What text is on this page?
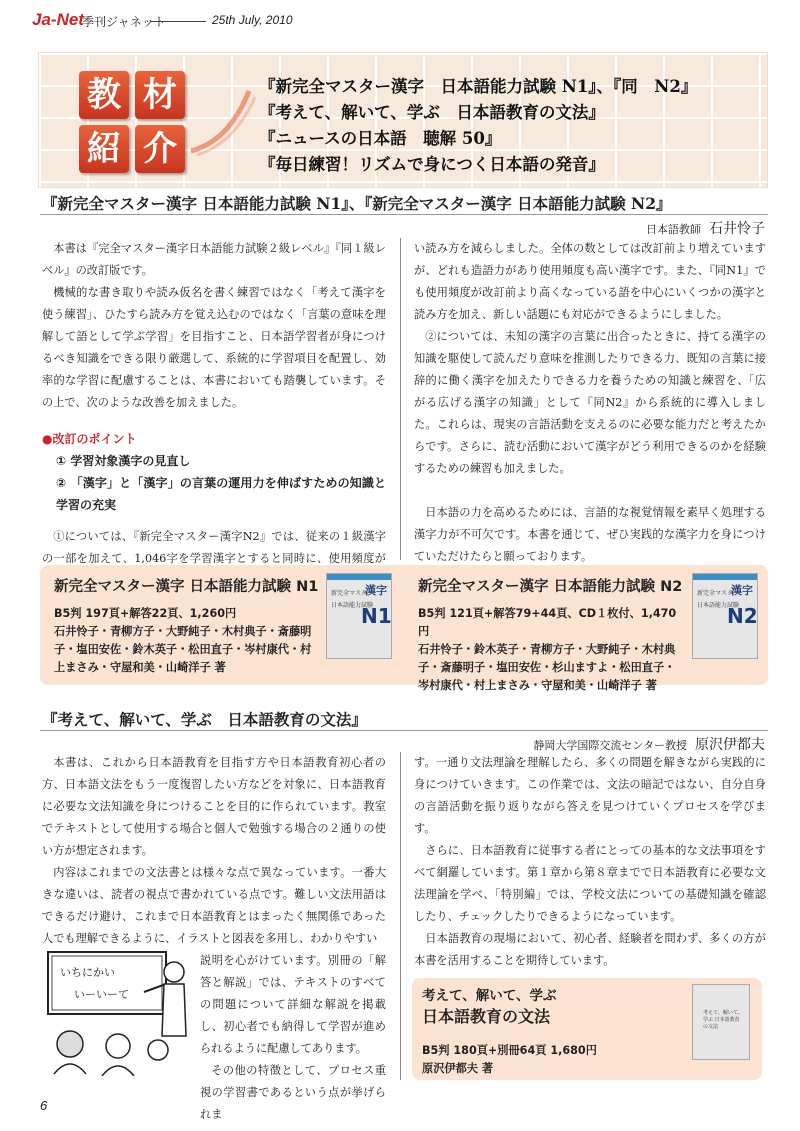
Ja-Net
季刊ジャネット	25th July, 2010
教 材
紹 介
『新完全マスター漢字　日本語能力試験 N1』、『同　N2』
『考えて、解いて、学ぶ　日本語教育の文法』
『ニュースの日本語　聴解 50』
『毎日練習！リズムで身につく日本語の発音』
『新完全マスター漢字 日本語能力試験 N1』、『新完全マスター漢字 日本語能力試験 N2』
日本語教師 石井怜子

本書は『完全マスター漢字日本語能力試験２級レベル』『同１級レベル』の改訂版です。

機械的な書き取りや読み仮名を書く練習ではなく「考えて漢字を使う練習」、ひたすら読み方を覚え込むのではなく「言葉の意味を理解して語として学ぶ学習」を目指すこと、日本語学習者が身につけるべき知識をできる限り厳選して、系統的に学習項目を配置し、効率的な学習に配慮することは、本書においても踏襲しています。その上で、次のような改善を加えました。

●改訂のポイント
① 学習対象漢字の見直し
② 「漢字」と「漢字」の言葉の運用力を伸ばすための知識と学習の充実

①については、『新完全マスター漢字N2』では、従来の１級漢字の一部を加えて、1,046字を学習漢字とすると同時に、使用頻度が

い読み方を減らしました。全体の数としては改訂前より増えていますが、どれも造語力があり使用頻度も高い漢字です。また、『同N1』でも使用頻度が改訂前より高くなっている語を中心にいくつかの漢字と読み方を加え、新しい話題にも対応ができるようにしました。

②については、未知の漢字の言葉に出合ったときに、持てる漢字の知識を駆使して読んだり意味を推測したりできる力、既知の言葉に接辞的に働く漢字を加えたりできる力を養うための知識と練習を、「広がる広げる漢字の知識」として『同N2』から系統的に導入しました。これらは、現実の言語活動を支えるのに必要な能力だと考えたからです。さらに、読む活動において漢字がどう利用できるのかを経験するための練習も加えました。

日本語の力を高めるためには、言語的な視覚情報を素早く処理する漢字力が不可欠です。本書を通じて、ぜひ実践的な漢字力を身につけていただけたらと願っております。

新完全マスター漢字 日本語能力試験 N1
B5判 197頁+解答22頁、1,260円
石井怜子・青柳方子・大野純子・木村典子・斎藤明子・塩田安佐・鈴木英子・松田直子・岑村康代・村上まさみ・守屋和美・山崎洋子 著
新完全マスター
漢字
日本語能力試験
N1
新完全マスター漢字 日本語能力試験 N2
B5判 121頁+解答79+44頁、CD１枚付、1,470円
石井怜子・鈴木英子・青柳方子・大野純子・木村典子・斎藤明子・塩田安佐・杉山ますよ・松田直子・岑村康代・村上まさみ・守屋和美・山崎洋子 著
新完全マスター
漢字
日本語能力試験
N2
『考えて、解いて、学ぶ　日本語教育の文法』
静岡大学国際交流センター教授 原沢伊都夫

本書は、これから日本語教育を目指す方や日本語教育初心者の方、日本語文法をもう一度復習したい方などを対象に、日本語教育に必要な文法知識を身につけることを目的に作られています。教室でテキストとして使用する場合と個人で勉強する場合の２通りの使い方が想定されます。

内容はこれまでの文法書とは様々な点で異なっています。一番大きな違いは、読者の視点で書かれている点です。難しい文法用語はできるだけ避け、これまで日本語教育とはまったく無関係であった人でも理解できるように、イラストと図表を多用し、わかりやすい

いちにかい
いーいーて

説明を心がけています。別冊の「解答と解説」では、テキストのすべての問題について詳細な解説を掲載し、初心者でも納得して学習が進められるように配慮してあります。

その他の特徴として、プロセス重視の学習書であるという点が挙げられま

す。一通り文法理論を理解したら、多くの問題を解きながら実践的に身につけていきます。この作業では、文法の暗記ではない、自分自身の言語活動を振り返りながら答えを見つけていくプロセスを学びます。

さらに、日本語教育に従事する者にとっての基本的な文法事項をすべて網羅しています。第１章から第８章までで日本語教育に必要な文法理論を学べ、「特別編」では、学校文法についての基礎知識を確認したり、チェックしたりできるようになっています。

日本語教育の現場において、初心者、経験者を問わず、多くの方が本書を活用することを期待しています。

考えて、解いて、学ぶ
日本語教育の文法
B5判 180頁+別冊64頁 1,680円
原沢伊都夫 著
考えて、解いて、学ぶ 日本語教育の文法
6
